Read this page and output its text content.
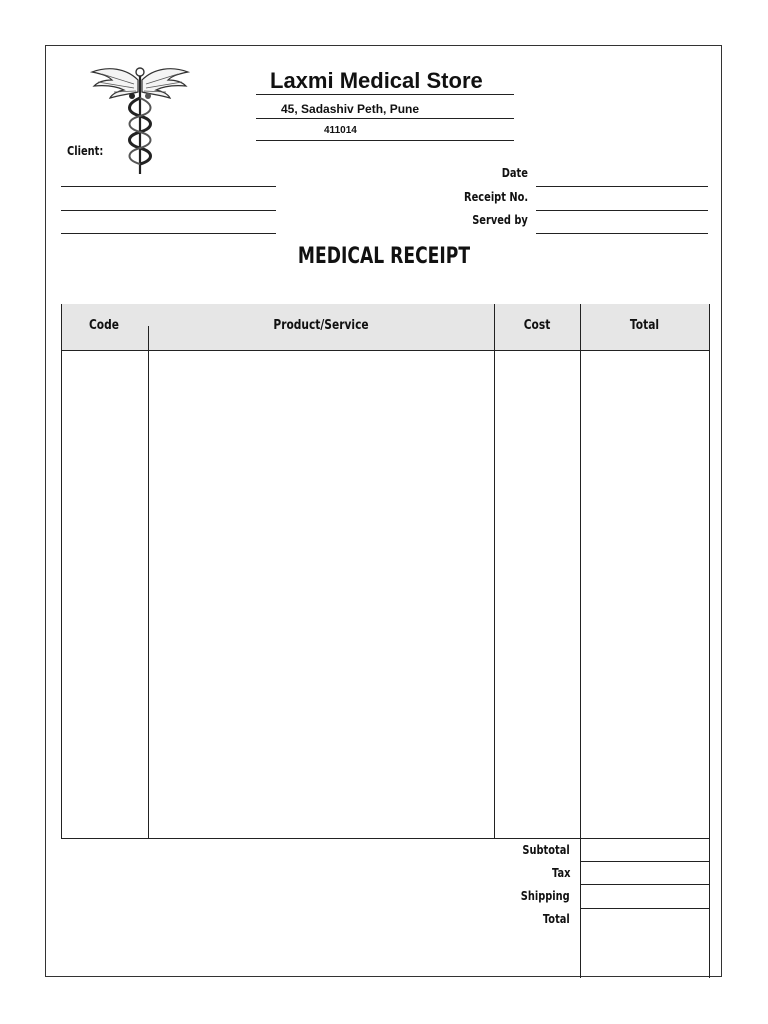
Laxmi Medical Store
45, Sadashiv Peth, Pune
411014
Client:
Date
Receipt No.
Served by
MEDICAL RECEIPT
Code	Product/Service	Cost	Total
Subtotal
Tax
Shipping
Total
